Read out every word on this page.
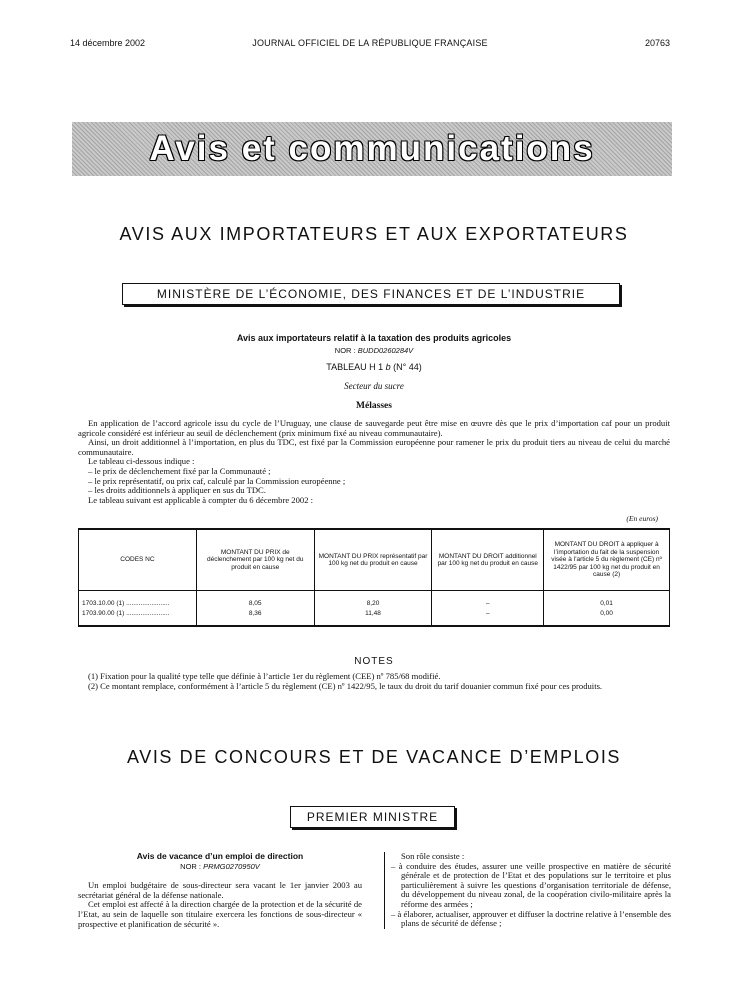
14 décembre 2002	JOURNAL OFFICIEL DE LA RÉPUBLIQUE FRANÇAISE	20763
Avis et communications
AVIS AUX IMPORTATEURS ET AUX EXPORTATEURS
MINISTÈRE DE L’ÉCONOMIE, DES FINANCES ET DE L’INDUSTRIE
Avis aux importateurs relatif à la taxation des produits agricoles
NOR : BUDD0260284V
TABLEAU H 1 b (N° 44)
Secteur du sucre
Mélasses

En application de l’accord agricole issu du cycle de l’Uruguay, une clause de sauvegarde peut être mise en œuvre dès que le prix d’importation caf pour un produit agricole considéré est inférieur au seuil de déclenchement (prix minimum fixé au niveau communautaire).

Ainsi, un droit additionnel à l’importation, en plus du TDC, est fixé par la Commission européenne pour ramener le prix du produit tiers au niveau de celui du marché communautaire.

Le tableau ci-dessous indique :

– le prix de déclenchement fixé par la Communauté ;

– le prix représentatif, ou prix caf, calculé par la Commission européenne ;

– les droits additionnels à appliquer en sus du TDC.

Le tableau suivant est applicable à compter du 6 décembre 2002 :

(En euros)
CODES NC	MONTANT DU PRIX de déclenchement par 100 kg net du produit en cause	MONTANT DU PRIX représentatif par 100 kg net du produit en cause	MONTANT DU DROIT additionnel par 100 kg net du produit en cause	MONTANT DU DROIT à appliquer à l’importation du fait de la suspension visée à l’article 5 du règlement (CE) nº 1422/95 par 100 kg net du produit en cause (2)
1703.10.00 (1) ........................	8,05	8,20	–	0,01
1703.90.00 (1) ........................	8,36	11,48	–	0,00
NOTES

(1) Fixation pour la qualité type telle que définie à l’article 1er du règlement (CEE) nº 785/68 modifié.

(2) Ce montant remplace, conformément à l’article 5 du règlement (CE) nº 1422/95, le taux du droit du tarif douanier commun fixé pour ces produits.

AVIS DE CONCOURS ET DE VACANCE D’EMPLOIS
PREMIER MINISTRE

Avis de vacance d’un emploi de direction

NOR : PRMG0270950V

Un emploi budgétaire de sous-directeur sera vacant le 1er janvier 2003 au secrétariat général de la défense nationale.

Cet emploi est affecté à la direction chargée de la protection et de la sécurité de l’Etat, au sein de laquelle son titulaire exercera les fonctions de sous-directeur « prospective et planification de sécurité ».

Son rôle consiste :

– à conduire des études, assurer une veille prospective en matière de sécurité générale et de protection de l’Etat et des populations sur le territoire et plus particulièrement à suivre les questions d’organisation territoriale de défense, du développement du niveau zonal, de la coopération civilo-militaire après la réforme des armées ;

– à élaborer, actualiser, approuver et diffuser la doctrine relative à l’ensemble des plans de sécurité de défense ;
